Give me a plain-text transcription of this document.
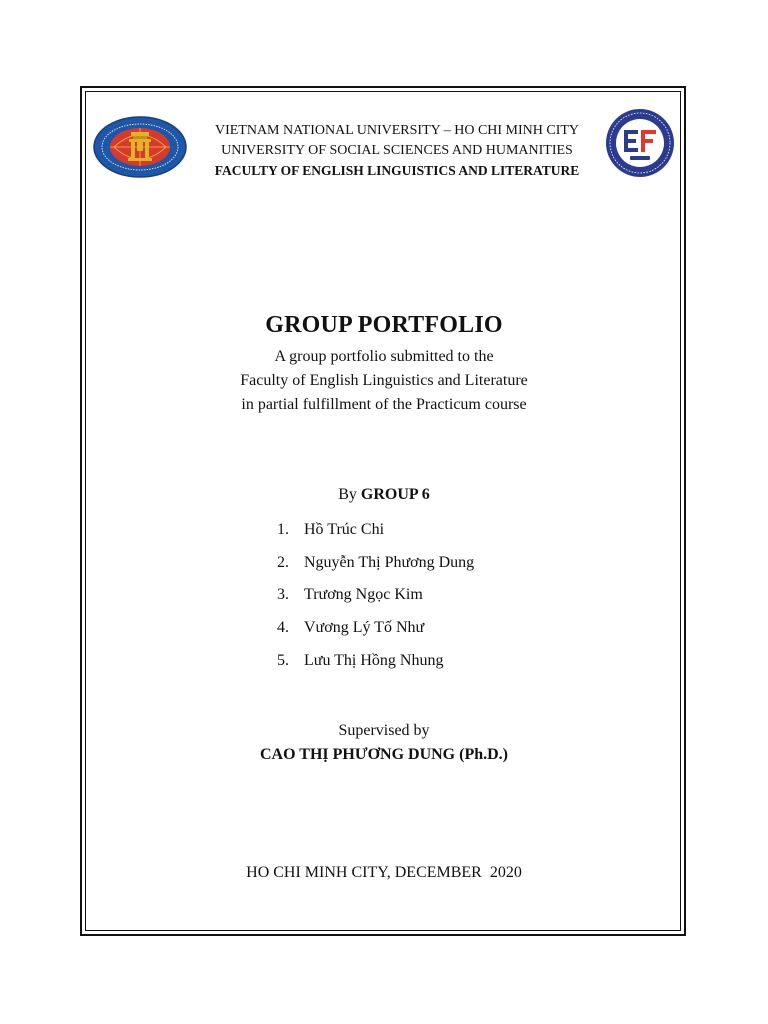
VIETNAM NATIONAL UNIVERSITY – HO CHI MINH CITY
UNIVERSITY OF SOCIAL SCIENCES AND HUMANITIES
FACULTY OF ENGLISH LINGUISTICS AND LITERATURE
GROUP PORTFOLIO
A group portfolio submitted to the
Faculty of English Linguistics and Literature
in partial fulfillment of the Practicum course
By GROUP 6
1. Hồ Trúc Chi
2. Nguyễn Thị Phương Dung
3. Trương Ngọc Kim
4. Vương Lý Tố Như
5. Lưu Thị Hồng Nhung
Supervised by
CAO THỊ PHƯƠNG DUNG (Ph.D.)
HO CHI MINH CITY, DECEMBER  2020
